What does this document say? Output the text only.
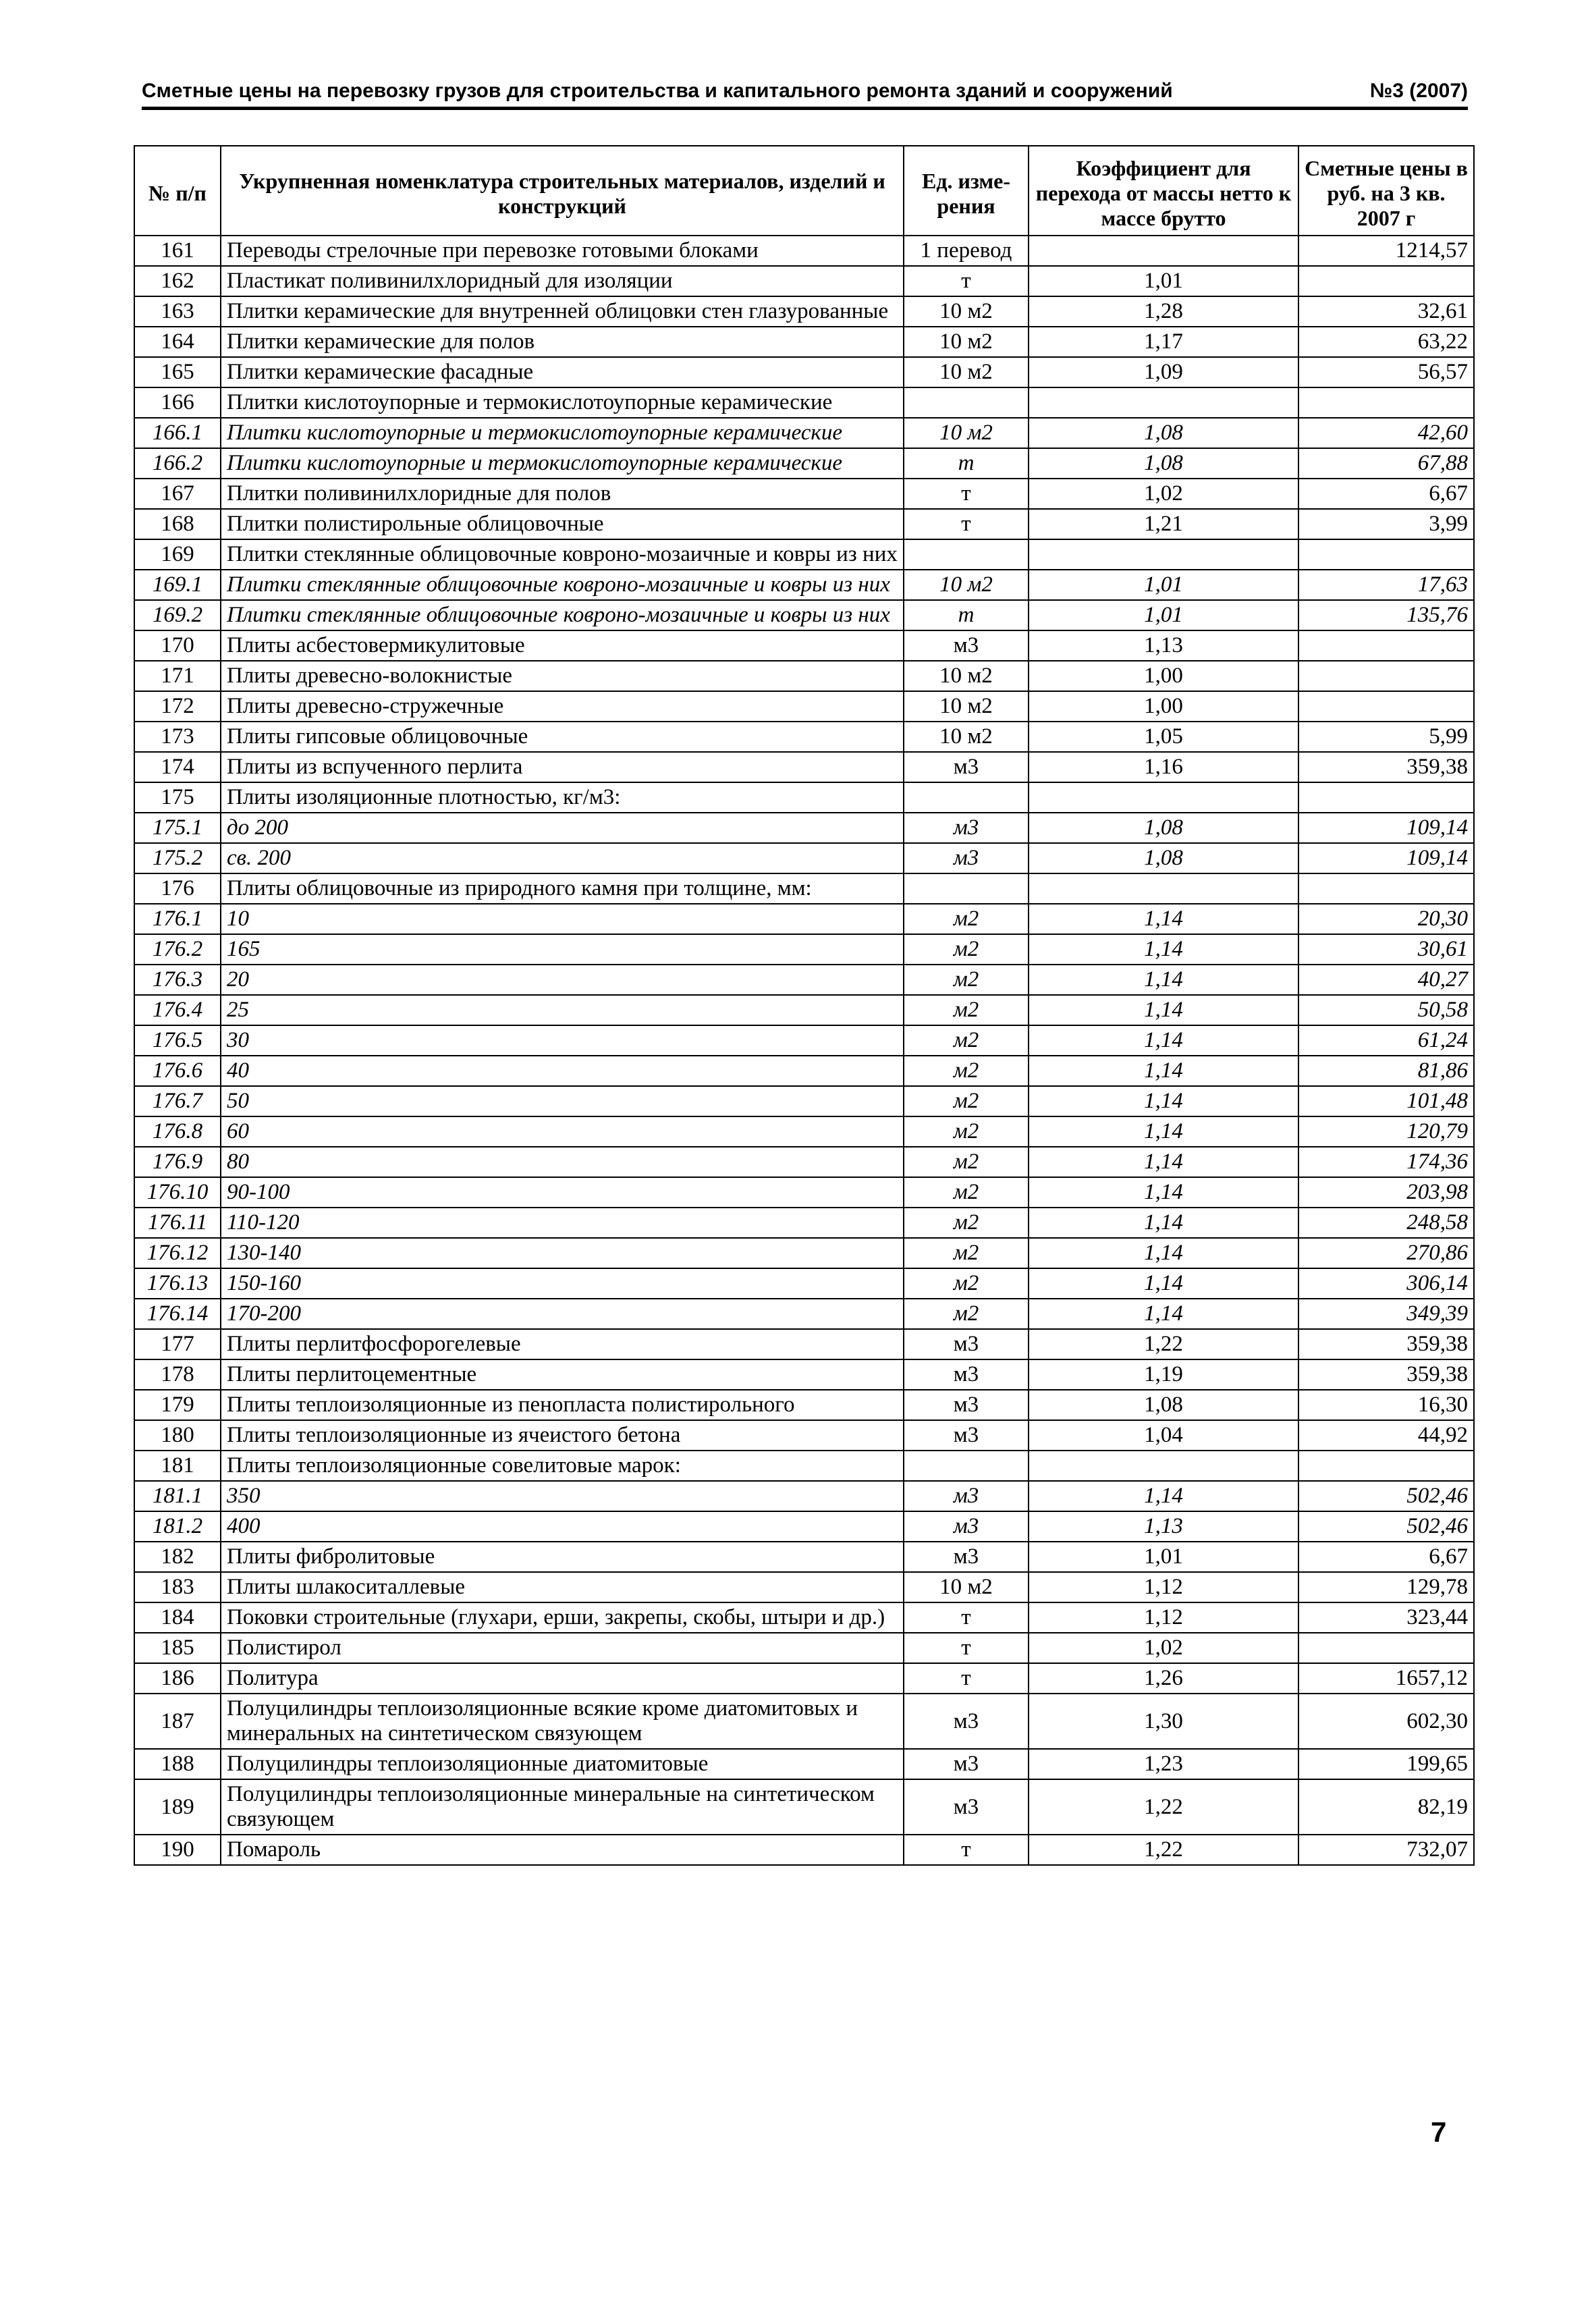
Сметные цены на перевозку грузов для строительства и капитального ремонта зданий и сооружений	№3 (2007)
№ п/п	Укрупненная номенклатура строительных материалов, изделий и конструкций	Ед. изме-рения	Коэффициент для перехода от массы нетто к массе брутто	Сметные цены в руб. на 3 кв. 2007 г
161	Переводы стрелочные при перевозке готовыми блоками	1 перевод		1214,57
162	Пластикат поливинилхлоридный для изоляции	т	1,01	
163	Плитки керамические для внутренней облицовки стен глазурованные	10 м2	1,28	32,61
164	Плитки керамические для полов	10 м2	1,17	63,22
165	Плитки керамические фасадные	10 м2	1,09	56,57
166	Плитки кислотоупорные и термокислотоупорные керамические			
166.1	Плитки кислотоупорные и термокислотоупорные керамические	10 м2	1,08	42,60
166.2	Плитки кислотоупорные и термокислотоупорные керамические	т	1,08	67,88
167	Плитки поливинилхлоридные для полов	т	1,02	6,67
168	Плитки полистирольные облицовочные	т	1,21	3,99
169	Плитки стеклянные облицовочные ковроно-мозаичные и ковры из них			
169.1	Плитки стеклянные облицовочные ковроно-мозаичные и ковры из них	10 м2	1,01	17,63
169.2	Плитки стеклянные облицовочные ковроно-мозаичные и ковры из них	т	1,01	135,76
170	Плиты асбестовермикулитовые	м3	1,13	
171	Плиты древесно-волокнистые	10 м2	1,00	
172	Плиты древесно-стружечные	10 м2	1,00	
173	Плиты гипсовые облицовочные	10 м2	1,05	5,99
174	Плиты из вспученного перлита	м3	1,16	359,38
175	Плиты изоляционные плотностью, кг/м3:			
175.1	до 200	м3	1,08	109,14
175.2	св. 200	м3	1,08	109,14
176	Плиты облицовочные из природного камня при толщине, мм:			
176.1	10	м2	1,14	20,30
176.2	165	м2	1,14	30,61
176.3	20	м2	1,14	40,27
176.4	25	м2	1,14	50,58
176.5	30	м2	1,14	61,24
176.6	40	м2	1,14	81,86
176.7	50	м2	1,14	101,48
176.8	60	м2	1,14	120,79
176.9	80	м2	1,14	174,36
176.10	90-100	м2	1,14	203,98
176.11	110-120	м2	1,14	248,58
176.12	130-140	м2	1,14	270,86
176.13	150-160	м2	1,14	306,14
176.14	170-200	м2	1,14	349,39
177	Плиты перлитфосфорогелевые	м3	1,22	359,38
178	Плиты перлитоцементные	м3	1,19	359,38
179	Плиты теплоизоляционные из пенопласта полистирольного	м3	1,08	16,30
180	Плиты теплоизоляционные из ячеистого бетона	м3	1,04	44,92
181	Плиты теплоизоляционные совелитовые марок:			
181.1	350	м3	1,14	502,46
181.2	400	м3	1,13	502,46
182	Плиты фибролитовые	м3	1,01	6,67
183	Плиты шлакоситаллевые	10 м2	1,12	129,78
184	Поковки строительные (глухари, ерши, закрепы, скобы, штыри и др.)	т	1,12	323,44
185	Полистирол	т	1,02	
186	Политура	т	1,26	1657,12
187	Полуцилиндры теплоизоляционные всякие кроме диатомитовых и минеральных на синтетическом связующем	м3	1,30	602,30
188	Полуцилиндры теплоизоляционные диатомитовые	м3	1,23	199,65
189	Полуцилиндры теплоизоляционные минеральные на синтетическом связующем	м3	1,22	82,19
190	Помароль	т	1,22	732,07
7
